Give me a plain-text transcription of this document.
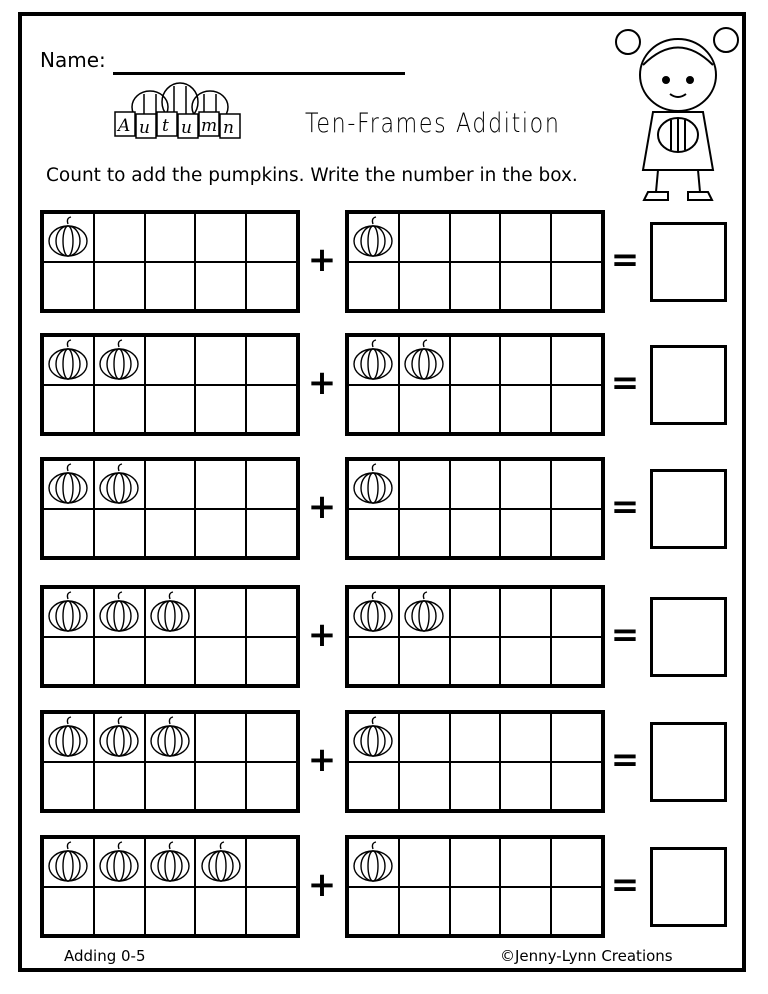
Name:
A u t u m n	Ten-Frames Addition
Count to add the pumpkins. Write the number in the box.
+	=
+	=
+	=
+	=
+	=
+	=
Adding 0-5	©Jenny-Lynn Creations
